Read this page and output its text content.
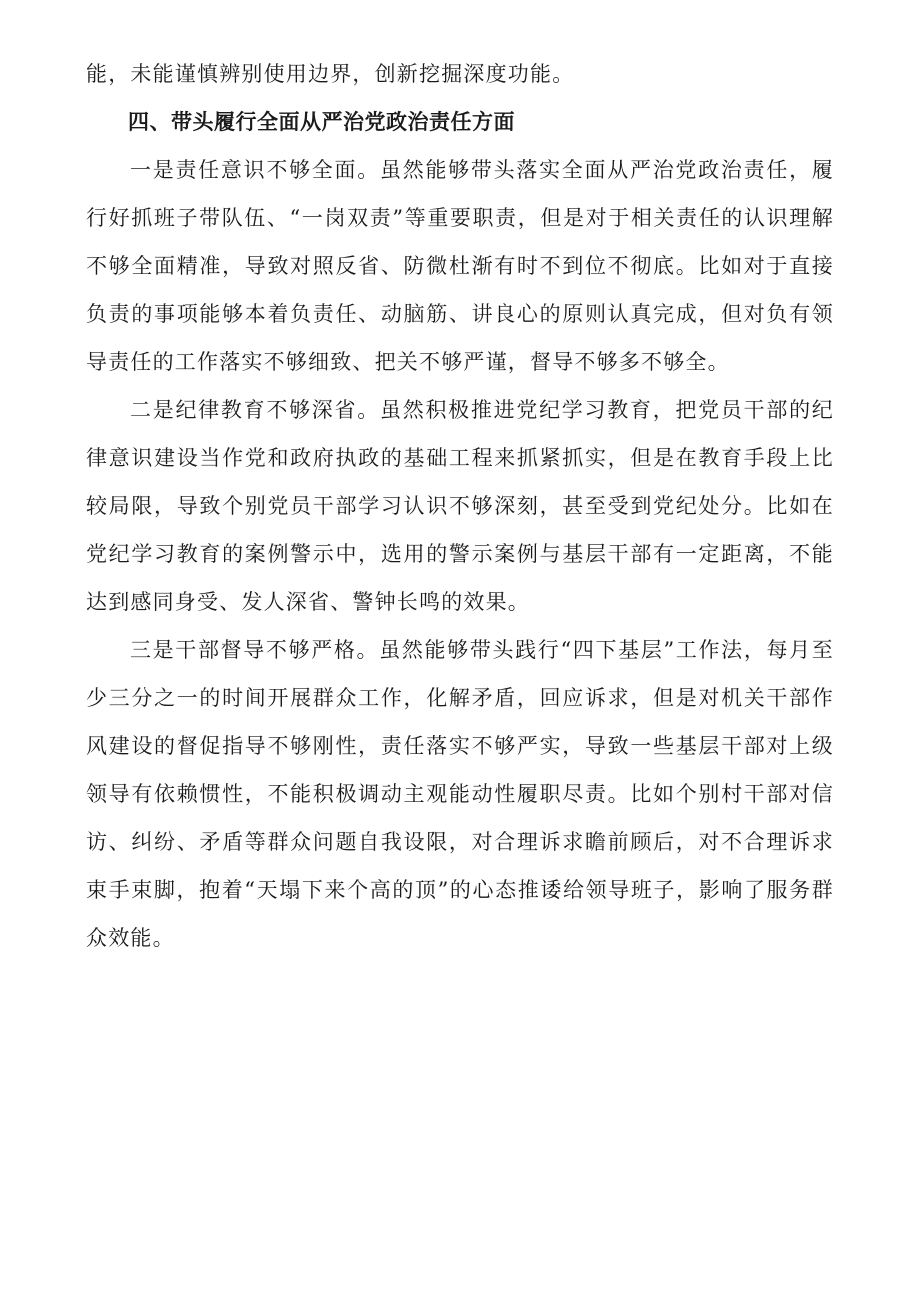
能，未能谨慎辨别使用边界，创新挖掘深度功能。

四、带头履行全面从严治党政治责任方面

一是责任意识不够全面。虽然能够带头落实全面从严治党政治责任，履行好抓班子带队伍、“一岗双责”等重要职责，但是对于相关责任的认识理解不够全面精准，导致对照反省、防微杜渐有时不到位不彻底。比如对于直接负责的事项能够本着负责任、动脑筋、讲良心的原则认真完成，但对负有领导责任的工作落实不够细致、把关不够严谨，督导不够多不够全。

二是纪律教育不够深省。虽然积极推进党纪学习教育，把党员干部的纪律意识建设当作党和政府执政的基础工程来抓紧抓实，但是在教育手段上比较局限，导致个别党员干部学习认识不够深刻，甚至受到党纪处分。比如在党纪学习教育的案例警示中，选用的警示案例与基层干部有一定距离，不能达到感同身受、发人深省、警钟长鸣的效果。

三是干部督导不够严格。虽然能够带头践行“四下基层”工作法，每月至少三分之一的时间开展群众工作，化解矛盾，回应诉求，但是对机关干部作风建设的督促指导不够刚性，责任落实不够严实，导致一些基层干部对上级领导有依赖惯性，不能积极调动主观能动性履职尽责。比如个别村干部对信访、纠纷、矛盾等群众问题自我设限，对合理诉求瞻前顾后，对不合理诉求束手束脚，抱着“天塌下来个高的顶”的心态推诿给领导班子，影响了服务群众效能。
